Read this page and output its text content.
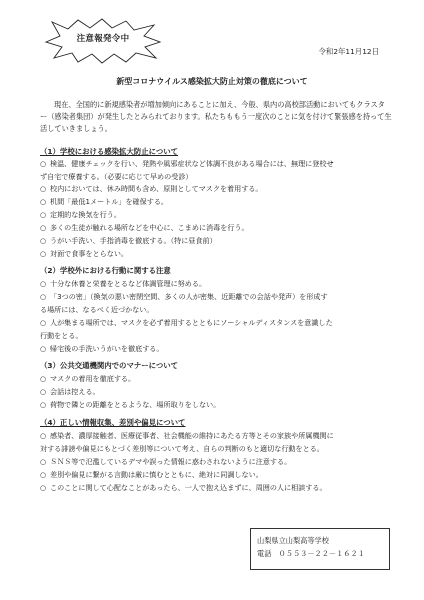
注意報発令中
令和2年11月12日
新型コロナウイルス感染拡大防止対策の徹底について
現在、全国的に新規感染者が増加傾向にあることに加え、今般、県内の高校部活動においてもクラスター（感染者集団）が発生したとみられております。私たちももう一度次のことに気を付けて緊張感を持って生活していきましょう。
（1）学校における感染拡大防止について
○ 検温、健康チェックを行い、発熱や風邪症状など体調不良がある場合には、無理に登校せ
ず自宅で療養する。（必要に応じて早めの受診）
○ 校内においては、休み時間も含め、原則としてマスクを着用する。
○ 机間「最低1メートル」を確保する。
○ 定期的な換気を行う。
○ 多くの生徒が触れる場所などを中心に、こまめに消毒を行う。
○ うがい手洗い、手指消毒を徹底する。（特に昼食前）
○ 対面で食事をとらない。
（2）学校外における行動に関する注意
○ 十分な休養と栄養をとるなど体調管理に努める。
○ 「3つの密」（換気の悪い密閉空間、多くの人が密集、近距離での会話や発声）を形成す
る場所には、なるべく近づかない。
○ 人が集まる場所では、マスクを必ず着用するとともにソーシャルディスタンスを意識した
行動をとる。
○ 帰宅後の手洗いうがいを徹底する。
（3）公共交通機関内でのマナーについて
○ マスクの着用を徹底する。
○ 会話は控える。
○ 荷物で隣との距離をとるような、場所取りをしない。
（4）正しい情報収集、差別や偏見について
○ 感染者、濃厚接触者、医療従事者、社会機能の維持にあたる方等とその家族や所属機関に
対する誹謗や偏見にもとづく差別等について考え、自らの判断のもと適切な行動をとる。
○ ＳＮＳ等で氾濫しているデマや誤った情報に惑わされないように注意する。
○ 差別や偏見に繋がる言動は厳に慎むとともに、絶対に同調しない。
○ このことに関して心配なことがあったら、一人で抱え込まずに、周囲の人に相談する。
山梨県立山梨高等学校
電話　０５５３－２２－１６２１
